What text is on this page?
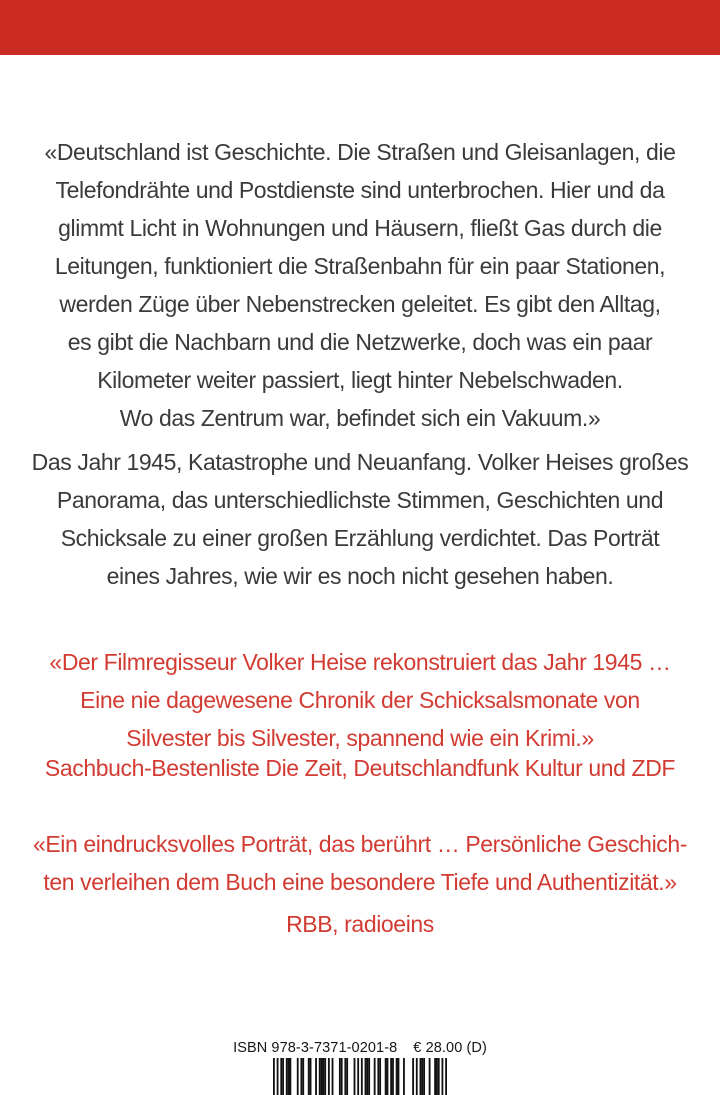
«Deutschland ist Geschichte. Die Straßen und Gleisanlagen, die
Telefondrähte und Postdienste sind unterbrochen. Hier und da
glimmt Licht in Wohnungen und Häusern, fließt Gas durch die
Leitungen, funktioniert die Straßenbahn für ein paar Stationen,
werden Züge über Nebenstrecken geleitet. Es gibt den Alltag,
es gibt die Nachbarn und die Netzwerke, doch was ein paar
Kilometer weiter passiert, liegt hinter Nebelschwaden.
Wo das Zentrum war, befindet sich ein Vakuum.»
Das Jahr 1945, Katastrophe und Neuanfang. Volker Heises großes
Panorama, das unterschiedlichste Stimmen, Geschichten und
Schicksale zu einer großen Erzählung verdichtet. Das Porträt
eines Jahres, wie wir es noch nicht gesehen haben.
«Der Filmregisseur Volker Heise rekonstruiert das Jahr 1945 …
Eine nie dagewesene Chronik der Schicksalsmonate von
Silvester bis Silvester, spannend wie ein Krimi.»
Sachbuch-Bestenliste Die Zeit, Deutschlandfunk Kultur und ZDF
«Ein eindrucksvolles Porträt, das berührt … Persönliche Geschich-
ten verleihen dem Buch eine besondere Tiefe und Authentizität.»
RBB, radioeins
ISBN 978-3-7371-0201-8 € 28.00 (D)
